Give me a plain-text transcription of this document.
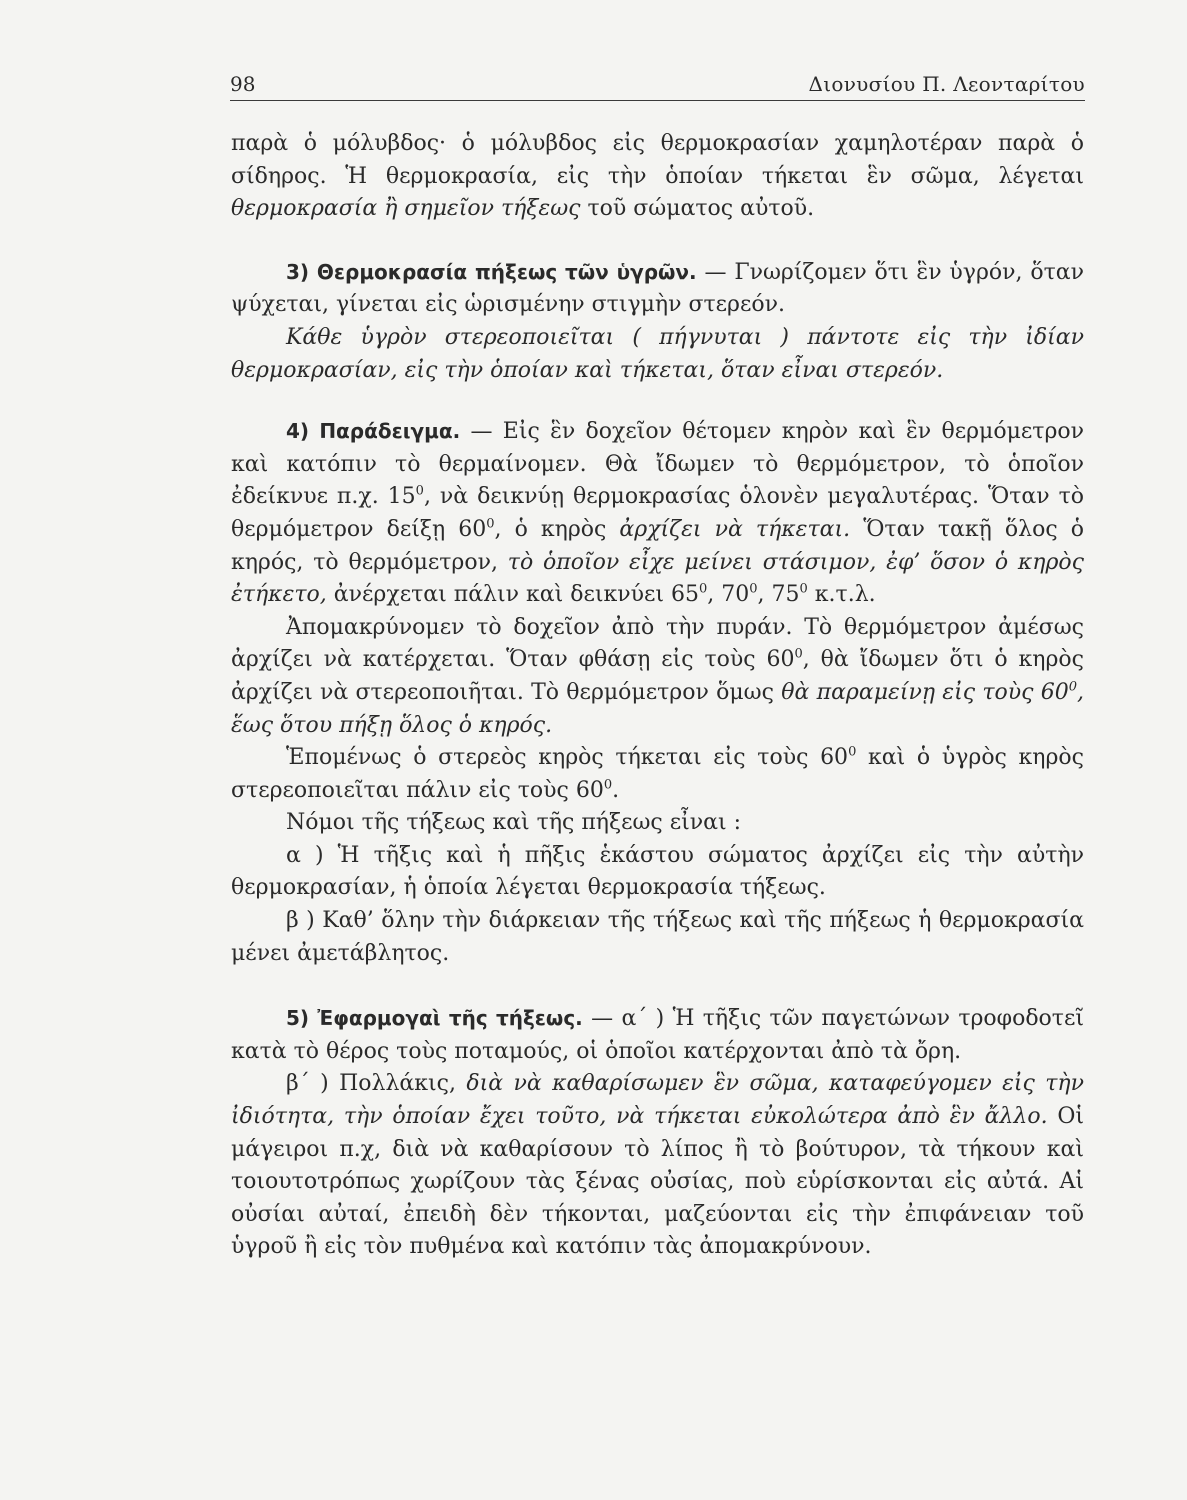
98	Διονυσίου Π. Λεονταρίτου

παρὰ ὁ μόλυβδος· ὁ μόλυβδος εἰς θερμοκρασίαν χαμηλοτέραν παρὰ ὁ σίδηρος. Ἡ θερμοκρασία, εἰς τὴν ὁποίαν τήκεται ἓν σῶμα, λέγεται θερμοκρασία ἢ σημεῖον τήξεως τοῦ σώματος αὐτοῦ.

3) Θερμοκρασία πήξεως τῶν ὑγρῶν. — Γνωρίζομεν ὅτι ἓν ὑγρόν, ὅταν ψύχεται, γίνεται εἰς ὡρισμένην στιγμὴν στερεόν.

Κάθε ὑγρὸν στερεοποιεῖται ( πήγνυται ) πάντοτε εἰς τὴν ἰδίαν θερμοκρασίαν, εἰς τὴν ὁποίαν καὶ τήκεται, ὅταν εἶναι στερεόν.

4) Παράδειγμα. — Εἰς ἓν δοχεῖον θέτομεν κηρὸν καὶ ἓν θερμόμετρον καὶ κατόπιν τὸ θερμαίνομεν. Θὰ ἴδωμεν τὸ θερμόμετρον, τὸ ὁποῖον ἐδείκνυε π.χ. $15^0$, νὰ δεικνύῃ θερμοκρασίας ὁλονὲν μεγαλυτέρας. Ὅταν τὸ θερμόμετρον δείξῃ $60^0$, ὁ κηρὸς ἀρχίζει νὰ τήκεται. Ὅταν τακῇ ὅλος ὁ κηρός, τὸ θερμόμετρον, τὸ ὁποῖον εἶχε μείνει στάσιμον, ἐφ’ ὅσον ὁ κηρὸς ἐτήκετο, ἀνέρχεται πάλιν καὶ δεικνύει $65^0$, $70^0$, $75^0$ κ.τ.λ.

Ἀπομακρύνομεν τὸ δοχεῖον ἀπὸ τὴν πυράν. Τὸ θερμόμετρον ἀμέσως ἀρχίζει νὰ κατέρχεται. Ὅταν φθάσῃ εἰς τοὺς $60^0$, θὰ ἴδωμεν ὅτι ὁ κηρὸς ἀρχίζει νὰ στερεοποιῆται. Τὸ θερμόμετρον ὅμως θὰ παραμείνῃ εἰς τοὺς $60^0$, ἕως ὅτου πήξῃ ὅλος ὁ κηρός.

Ἑπομένως ὁ στερεὸς κηρὸς τήκεται εἰς τοὺς $60^0$ καὶ ὁ ὑγρὸς κηρὸς στερεοποιεῖται πάλιν εἰς τοὺς $60^0$.

Νόμοι τῆς τήξεως καὶ τῆς πήξεως εἶναι :

α ) Ἡ τῆξις καὶ ἡ πῆξις ἑκάστου σώματος ἀρχίζει εἰς τὴν αὐτὴν θερμοκρασίαν, ἡ ὁποία λέγεται θερμοκρασία τήξεως.

β ) Καθ’ ὅλην τὴν διάρκειαν τῆς τήξεως καὶ τῆς πήξεως ἡ θερμοκρασία μένει ἀμετάβλητος.

5) Ἐφαρμογαὶ τῆς τήξεως. — α΄ ) Ἡ τῆξις τῶν παγετώνων τροφοδοτεῖ κατὰ τὸ θέρος τοὺς ποταμούς, οἱ ὁποῖοι κατέρχονται ἀπὸ τὰ ὄρη.

β΄ ) Πολλάκις, διὰ νὰ καθαρίσωμεν ἓν σῶμα, καταφεύγομεν εἰς τὴν ἰδιότητα, τὴν ὁποίαν ἔχει τοῦτο, νὰ τήκεται εὐκολώτερα ἀπὸ ἓν ἄλλο. Οἱ μάγειροι π.χ, διὰ νὰ καθαρίσουν τὸ λίπος ἢ τὸ βούτυρον, τὰ τήκουν καὶ τοιουτοτρόπως χωρίζουν τὰς ξένας οὐσίας, ποὺ εὑρίσκονται εἰς αὐτά. Αἱ οὐσίαι αὐταί, ἐπειδὴ δὲν τήκονται, μαζεύονται εἰς τὴν ἐπιφάνειαν τοῦ ὑγροῦ ἢ εἰς τὸν πυθμένα καὶ κατόπιν τὰς ἀπομακρύνουν.
